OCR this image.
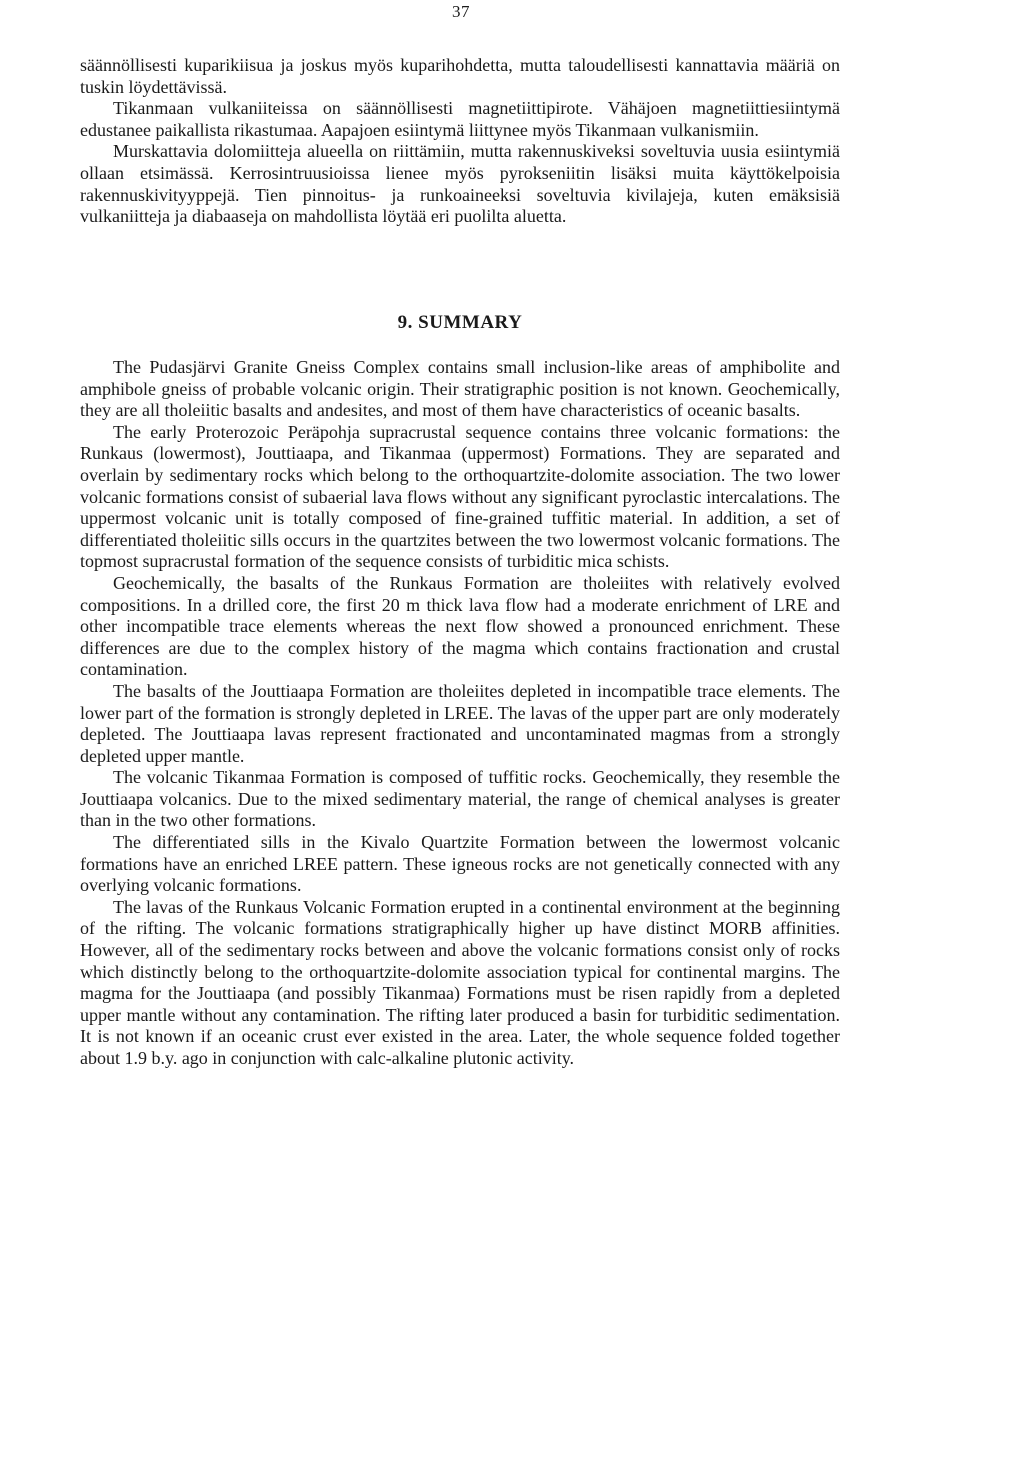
37

säännöllisesti kuparikiisua ja joskus myös kuparihohdetta, mutta taloudellisesti kannattavia määriä on tuskin löydettävissä.

Tikanmaan vulkaniiteissa on säännöllisesti magnetiittipirote. Vähäjoen magnetiittiesiintymä edustanee paikallista rikastumaa. Aapajoen esiintymä liittynee myös Tikanmaan vulkanismiin.

Murskattavia dolomiitteja alueella on riittämiin, mutta rakennuskiveksi soveltuvia uusia esiintymiä ollaan etsimässä. Kerrosintruusioissa lienee myös pyrokseniitin lisäksi muita käyttökelpoisia rakennuskivityyppejä. Tien pinnoitus- ja runkoaineeksi soveltuvia kivilajeja, kuten emäksisiä vulkaniitteja ja diabaaseja on mahdollista löytää eri puolilta aluetta.

9. SUMMARY

The Pudasjärvi Granite Gneiss Complex contains small inclusion-like areas of amphibolite and amphibole gneiss of probable volcanic origin. Their stratigraphic position is not known. Geochemically, they are all tholeiitic basalts and andesites, and most of them have characteristics of oceanic basalts.

The early Proterozoic Peräpohja supracrustal sequence contains three volcanic formations: the Runkaus (lowermost), Jouttiaapa, and Tikanmaa (uppermost) Formations. They are separated and overlain by sedimentary rocks which belong to the orthoquartzite-dolomite association. The two lower volcanic formations consist of subaerial lava flows without any significant pyroclastic intercalations. The uppermost volcanic unit is totally composed of fine-grained tuffitic material. In addition, a set of differentiated tholeiitic sills occurs in the quartzites between the two lowermost volcanic formations. The topmost supracrustal formation of the sequence consists of turbiditic mica schists.

Geochemically, the basalts of the Runkaus Formation are tholeiites with relatively evolved compositions. In a drilled core, the first 20 m thick lava flow had a moderate enrichment of LRE and other incompatible trace elements whereas the next flow showed a pronounced enrichment. These differences are due to the complex history of the magma which contains fractionation and crustal contamination.

The basalts of the Jouttiaapa Formation are tholeiites depleted in incompatible trace elements. The lower part of the formation is strongly depleted in LREE. The lavas of the upper part are only moderately depleted. The Jouttiaapa lavas represent fractionated and uncontaminated magmas from a strongly depleted upper mantle.

The volcanic Tikanmaa Formation is composed of tuffitic rocks. Geochemically, they resemble the Jouttiaapa volcanics. Due to the mixed sedimentary material, the range of chemical analyses is greater than in the two other formations.

The differentiated sills in the Kivalo Quartzite Formation between the lowermost volcanic formations have an enriched LREE pattern. These igneous rocks are not genetically connected with any overlying volcanic formations.

The lavas of the Runkaus Volcanic Formation erupted in a continental environment at the beginning of the rifting. The volcanic formations stratigraphically higher up have distinct MORB affinities. However, all of the sedimentary rocks between and above the volcanic formations consist only of rocks which distinctly belong to the orthoquartzite-dolomite association typical for continental margins. The magma for the Jouttiaapa (and possibly Tikanmaa) Formations must be risen rapidly from a depleted upper mantle without any contamination. The rifting later produced a basin for turbiditic sedimentation. It is not known if an oceanic crust ever existed in the area. Later, the whole sequence folded together about 1.9 b.y. ago in conjunction with calc-alkaline plutonic activity.
